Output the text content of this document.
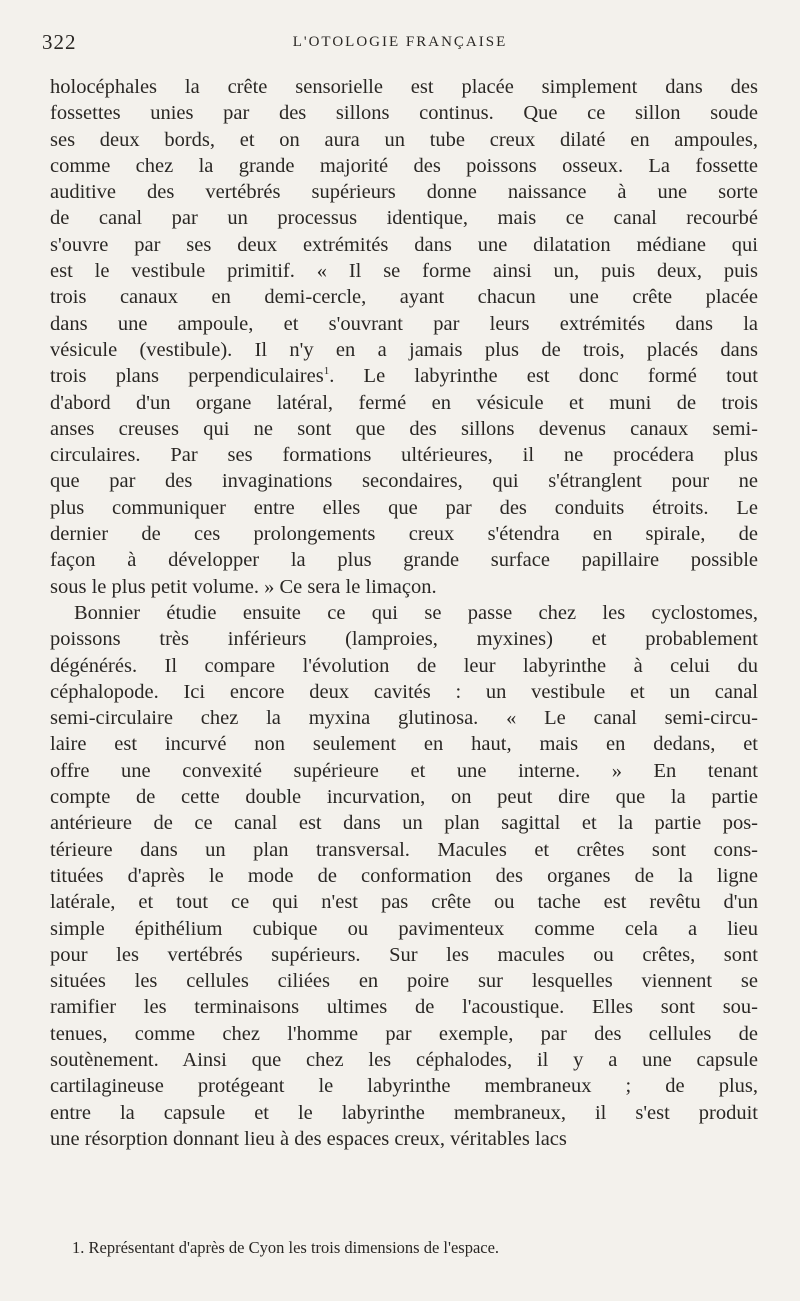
322	L'OTOLOGIE FRANÇAISE
holocéphales la crête sensorielle est placée simplement dans des
fossettes unies par des sillons continus. Que ce sillon soude
ses deux bords, et on aura un tube creux dilaté en ampoules,
comme chez la grande majorité des poissons osseux. La fossette
auditive des vertébrés supérieurs donne naissance à une sorte
de canal par un processus identique, mais ce canal recourbé
s'ouvre par ses deux extrémités dans une dilatation médiane qui
est le vestibule primitif. « Il se forme ainsi un, puis deux, puis
trois canaux en demi-cercle, ayant chacun une crête placée
dans une ampoule, et s'ouvrant par leurs extrémités dans la
vésicule (vestibule). Il n'y en a jamais plus de trois, placés dans
trois plans perpendiculaires$^1$. Le labyrinthe est donc formé tout
d'abord d'un organe latéral, fermé en vésicule et muni de trois
anses creuses qui ne sont que des sillons devenus canaux semi-
circulaires. Par ses formations ultérieures, il ne procédera plus
que par des invaginations secondaires, qui s'étranglent pour ne
plus communiquer entre elles que par des conduits étroits. Le
dernier de ces prolongements creux s'étendra en spirale, de
façon à développer la plus grande surface papillaire possible
sous le plus petit volume. » Ce sera le limaçon.
Bonnier étudie ensuite ce qui se passe chez les cyclostomes,
poissons très inférieurs (lamproies, myxines) et probablement
dégénérés. Il compare l'évolution de leur labyrinthe à celui du
céphalopode. Ici encore deux cavités : un vestibule et un canal
semi-circulaire chez la myxina glutinosa. « Le canal semi-circu-
laire est incurvé non seulement en haut, mais en dedans, et
offre une convexité supérieure et une interne. » En tenant
compte de cette double incurvation, on peut dire que la partie
antérieure de ce canal est dans un plan sagittal et la partie pos-
térieure dans un plan transversal. Macules et crêtes sont cons-
tituées d'après le mode de conformation des organes de la ligne
latérale, et tout ce qui n'est pas crête ou tache est revêtu d'un
simple épithélium cubique ou pavimenteux comme cela a lieu
pour les vertébrés supérieurs. Sur les macules ou crêtes, sont
situées les cellules ciliées en poire sur lesquelles viennent se
ramifier les terminaisons ultimes de l'acoustique. Elles sont sou-
tenues, comme chez l'homme par exemple, par des cellules de
soutènement. Ainsi que chez les céphalodes, il y a une capsule
cartilagineuse protégeant le labyrinthe membraneux ; de plus,
entre la capsule et le labyrinthe membraneux, il s'est produit
une résorption donnant lieu à des espaces creux, véritables lacs
1. Représentant d'après de Cyon les trois dimensions de l'espace.
